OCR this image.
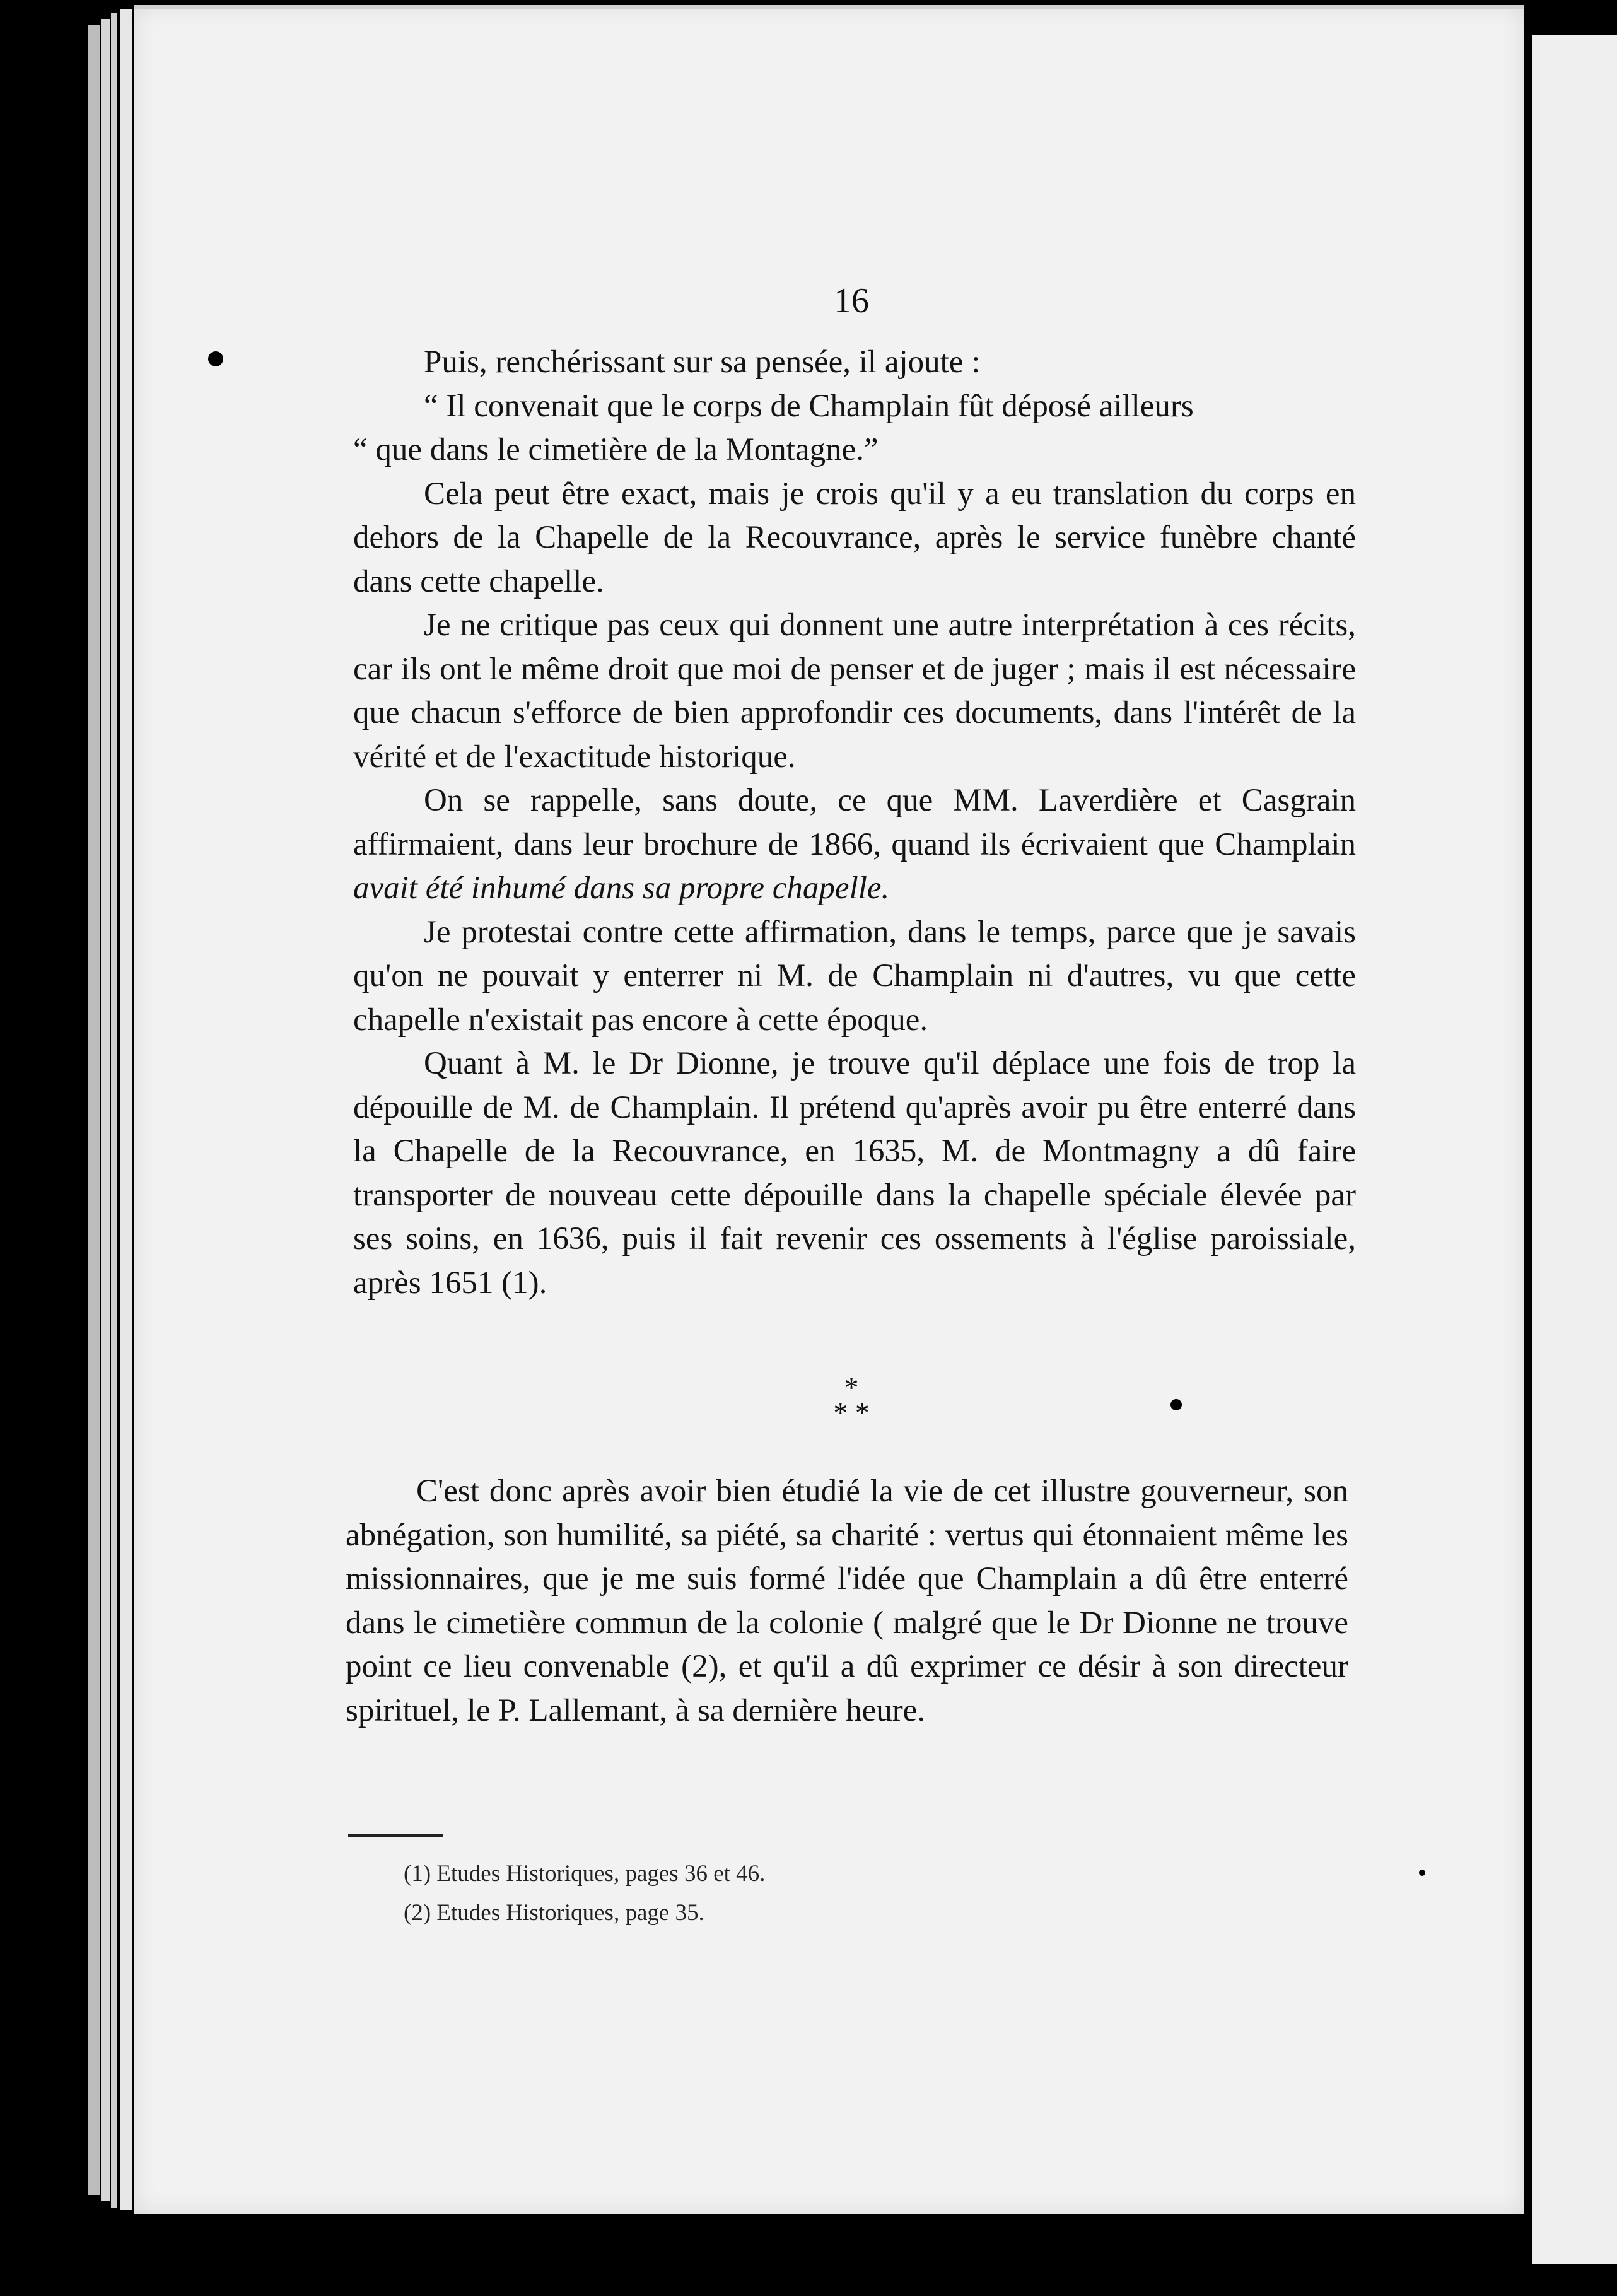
16

Puis, renchérissant sur sa pensée, il ajoute :

“ Il convenait que le corps de Champlain fût déposé ailleurs

“ que dans le cimetière de la Montagne.”

Cela peut être exact, mais je crois qu'il y a eu translation du corps en dehors de la Chapelle de la Recouvrance, après le service funèbre chanté dans cette chapelle.

Je ne critique pas ceux qui donnent une autre interprétation à ces récits, car ils ont le même droit que moi de penser et de juger ; mais il est nécessaire que chacun s'efforce de bien approfondir ces documents, dans l'intérêt de la vérité et de l'exactitude historique.

On se rappelle, sans doute, ce que MM. Laverdière et Casgrain affirmaient, dans leur brochure de 1866, quand ils écrivaient que Champlain avait été inhumé dans sa propre chapelle.

Je protestai contre cette affirmation, dans le temps, parce que je savais qu'on ne pouvait y enterrer ni M. de Champlain ni d'autres, vu que cette chapelle n'existait pas encore à cette époque.

Quant à M. le Dr Dionne, je trouve qu'il déplace une fois de trop la dépouille de M. de Champlain. Il prétend qu'après avoir pu être enterré dans la Chapelle de la Recouvrance, en 1635, M. de Montmagny a dû faire transporter de nouveau cette dépouille dans la chapelle spéciale élevée par ses soins, en 1636, puis il fait revenir ces ossements à l'église paroissiale, après 1651 (1).

*
* *

C'est donc après avoir bien étudié la vie de cet illustre gouverneur, son abnégation, son humilité, sa piété, sa charité : vertus qui étonnaient même les missionnaires, que je me suis formé l'idée que Champlain a dû être enterré dans le cimetière commun de la colonie ( malgré que le Dr Dionne ne trouve point ce lieu convenable (2), et qu'il a dû exprimer ce désir à son directeur spirituel, le P. Lallemant, à sa dernière heure.

(1) Etudes Historiques, pages 36 et 46.
(2) Etudes Historiques, page 35.
